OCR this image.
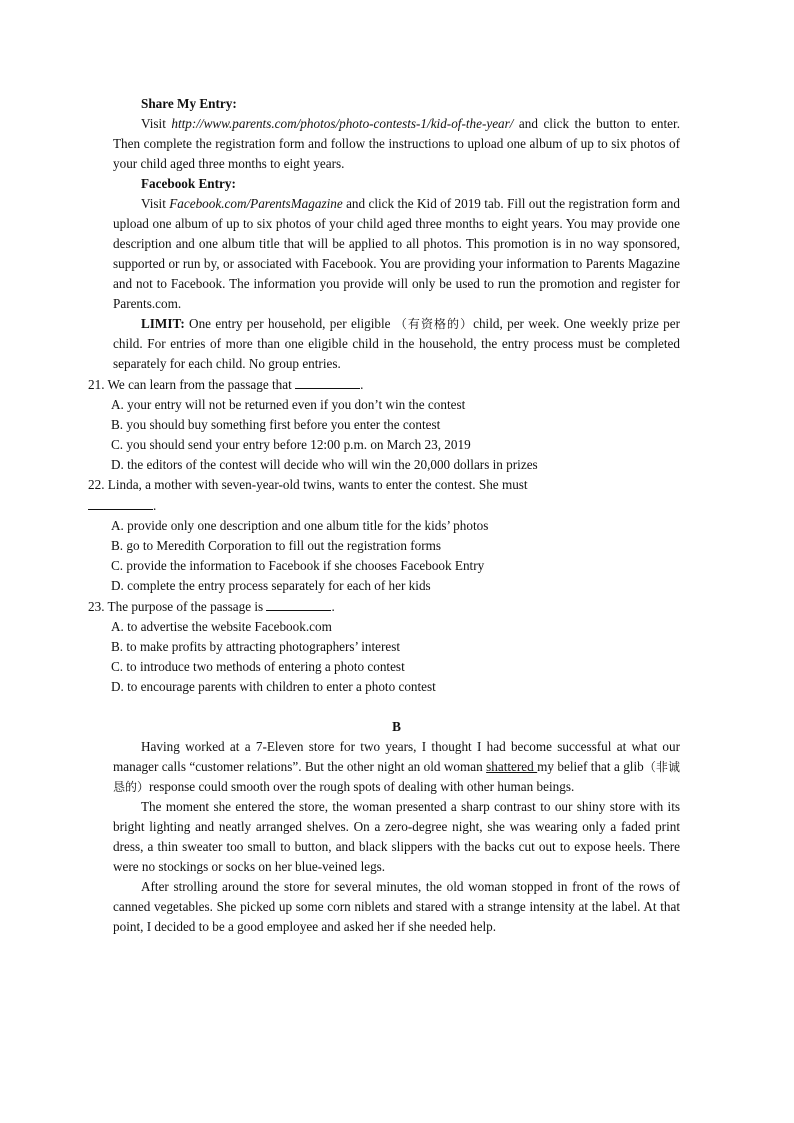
Share My Entry:

Visit http://www.parents.com/photos/photo-contests-1/kid-of-the-year/ and click the button to enter. Then complete the registration form and follow the instructions to upload one album of up to six photos of your child aged three months to eight years.

Facebook Entry:

Visit Facebook.com/ParentsMagazine and click the Kid of 2019 tab. Fill out the registration form and upload one album of up to six photos of your child aged three months to eight years. You may provide one description and one album title that will be applied to all photos. This promotion is in no way sponsored, supported or run by, or associated with Facebook. You are providing your information to Parents Magazine and not to Facebook. The information you provide will only be used to run the promotion and register for Parents.com.

LIMIT: One entry per household, per eligible （有资格的）child, per week. One weekly prize per child. For entries of more than one eligible child in the household, the entry process must be completed separately for each child. No group entries.

21. We can learn from the passage that	.

A. your entry will not be returned even if you don’t win the contest

B. you should buy something first before you enter the contest

C. you should send your entry before 12:00 p.m. on March 23, 2019

D. the editors of the contest will decide who will win the 20,000 dollars in prizes

22. Linda, a mother with seven-year-old twins, wants to enter the contest. She must

.

A. provide only one description and one album title for the kids’ photos

B. go to Meredith Corporation to fill out the registration forms

C. provide the information to Facebook if she chooses Facebook Entry

D. complete the entry process separately for each of her kids

23. The purpose of the passage is	.

A. to advertise the website Facebook.com

B. to make profits by attracting photographers’ interest

C. to introduce two methods of entering a photo contest

D. to encourage parents with children to enter a photo contest

B

Having worked at a 7-Eleven store for two years, I thought I had become successful at what our manager calls “customer relations”. But the other night an old woman shattered my belief that a glib（非诚恳的）response could smooth over the rough spots of dealing with other human beings.

The moment she entered the store, the woman presented a sharp contrast to our shiny store with its bright lighting and neatly arranged shelves. On a zero-degree night, she was wearing only a faded print dress, a thin sweater too small to button, and black slippers with the backs cut out to expose heels. There were no stockings or socks on her blue-veined legs.

After strolling around the store for several minutes, the old woman stopped in front of the rows of canned vegetables. She picked up some corn niblets and stared with a strange intensity at the label. At that point, I decided to be a good employee and asked her if she needed help.
